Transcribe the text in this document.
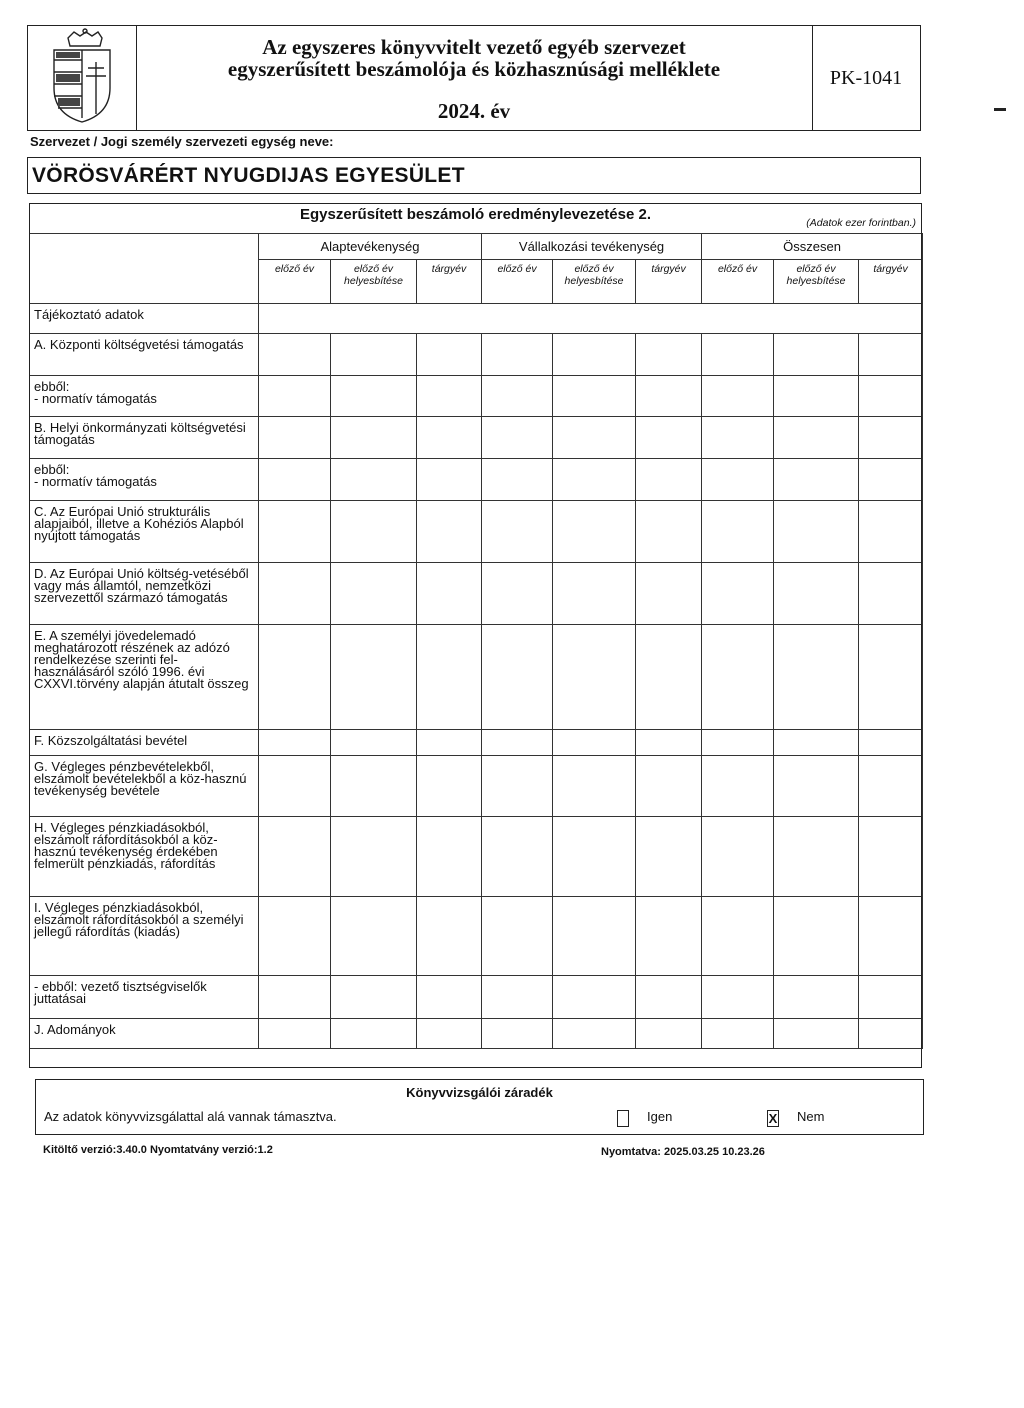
Az egyszeres könyvvitelt vezető egyéb szervezet
egyszerűsített beszámolója és közhasznúsági melléklete
2024. év
PK-1041
Szervezet / Jogi személy szervezeti egység neve:
VÖRÖSVÁRÉRT NYUGDIJAS EGYESÜLET
Egyszerűsített beszámoló eredménylevezetése 2.	(Adatok ezer forintban.)
	Alaptevékenység			Vállalkozási tevékenység			Összesen		
	előző év	előző év helyesbítése	tárgyév	előző év	előző év helyesbítése	tárgyév	előző év	előző év helyesbítése	tárgyév
Tájékoztató adatok									
A. Központi költségvetési támogatás									
ebből:
- normatív támogatás									
B. Helyi önkormányzati költségvetési támogatás									
ebből:
- normatív támogatás									
C. Az Európai Unió strukturális alapjaiból, illetve a Kohéziós Alapból nyújtott támogatás									
D. Az Európai Unió költség-vetéséből vagy más államtól, nemzetközi szervezettől származó támogatás									
E. A személyi jövedelemadó meghatározott részének az adózó rendelkezése szerinti fel-használásáról szóló 1996. évi CXXVI.törvény alapján átutalt összeg									
F. Közszolgáltatási bevétel									
G. Végleges pénzbevételekből, elszámolt bevételekből a köz-hasznú tevékenység bevétele									
H. Végleges pénzkiadásokból, elszámolt ráfordításokból a köz-hasznú tevékenység érdekében felmerült pénzkiadás, ráfordítás									
I. Végleges pénzkiadásokból, elszámolt ráfordításokból a személyi jellegű ráfordítás (kiadás)									
- ebből: vezető tisztségviselők juttatásai									
J. Adományok									
Könyvvizsgálói záradék
Az adatok könyvvizsgálattal alá vannak támasztva.	Igen	X Nem
Kitöltő verzió:3.40.0 Nyomtatvány verzió:1.2	Nyomtatva: 2025.03.25 10.23.26
